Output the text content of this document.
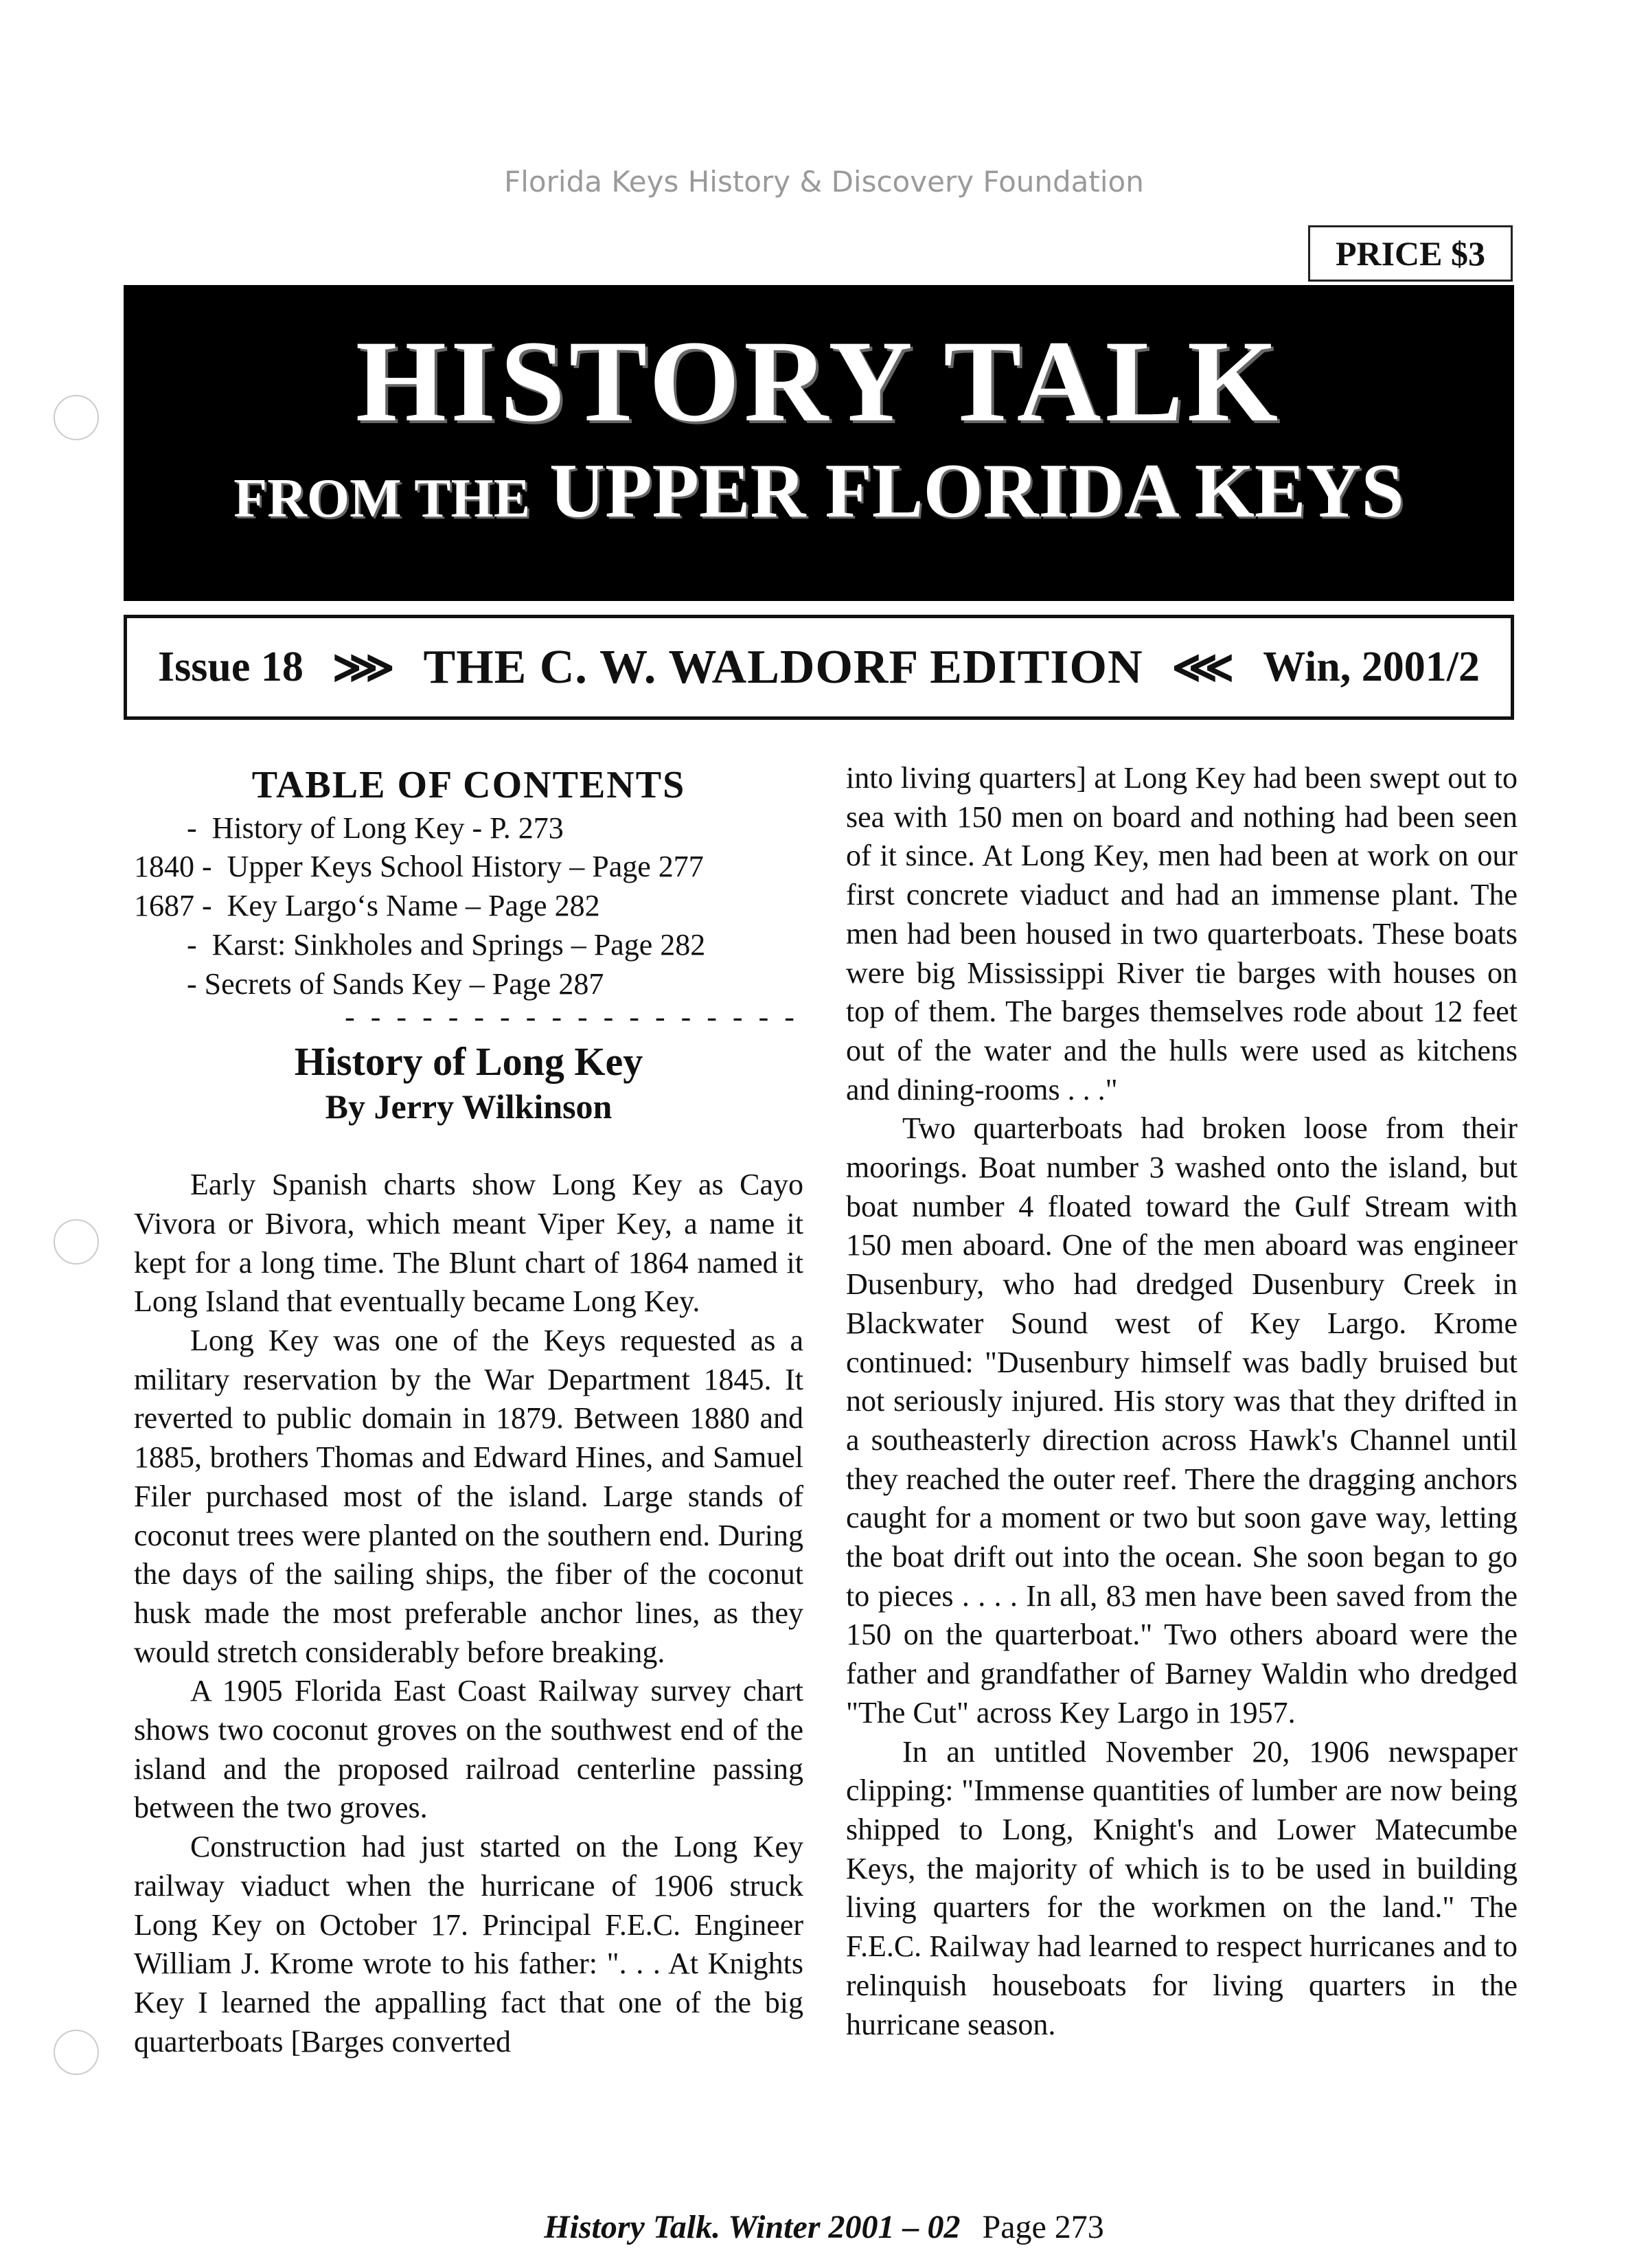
Florida Keys History & Discovery Foundation
PRICE $3
HISTORY TALK
FROM THE UPPER FLORIDA KEYS
Issue 18 ⋙ THE C. W. WALDORF EDITION ⋘ Win, 2001/2
TABLE OF CONTENTS
-  History of Long Key - P. 273
1840 -  Upper Keys School History – Page 277
1687 -  Key Largo‘s Name – Page 282
-  Karst: Sinkholes and Springs – Page 282
- Secrets of Sands Key – Page 287
- - - - - - - - - - - - - - - - - -
History of Long Key
By Jerry Wilkinson

Early Spanish charts show Long Key as Cayo Vivora or Bivora, which meant Viper Key, a name it kept for a long time. The Blunt chart of 1864 named it Long Island that eventually became Long Key.

Long Key was one of the Keys requested as a military reservation by the War Department 1845. It reverted to public domain in 1879. Between 1880 and 1885, brothers Thomas and Edward Hines, and Samuel Filer purchased most of the island. Large stands of coconut trees were planted on the southern end. During the days of the sailing ships, the fiber of the coconut husk made the most preferable anchor lines, as they would stretch considerably before breaking.

A 1905 Florida East Coast Railway survey chart shows two coconut groves on the southwest end of the island and the proposed railroad centerline passing between the two groves.

Construction had just started on the Long Key railway viaduct when the hurricane of 1906 struck Long Key on October 17. Principal F.E.C. Engineer William J. Krome wrote to his father: ". . . At Knights Key I learned the appalling fact that one of the big quarterboats [Barges converted

into living quarters] at Long Key had been swept out to sea with 150 men on board and nothing had been seen of it since. At Long Key, men had been at work on our first concrete viaduct and had an immense plant. The men had been housed in two quarterboats. These boats were big Mississippi River tie barges with houses on top of them. The barges themselves rode about 12 feet out of the water and the hulls were used as kitchens and dining-rooms . . ."

Two quarterboats had broken loose from their moorings. Boat number 3 washed onto the island, but boat number 4 floated toward the Gulf Stream with 150 men aboard. One of the men aboard was engineer Dusenbury, who had dredged Dusenbury Creek in Blackwater Sound west of Key Largo. Krome continued: "Dusenbury himself was badly bruised but not seriously injured. His story was that they drifted in a southeasterly direction across Hawk's Channel until they reached the outer reef. There the dragging anchors caught for a moment or two but soon gave way, letting the boat drift out into the ocean. She soon began to go to pieces . . . . In all, 83 men have been saved from the 150 on the quarterboat." Two others aboard were the father and grandfather of Barney Waldin who dredged "The Cut" across Key Largo in 1957.

In an untitled November 20, 1906 newspaper clipping: "Immense quantities of lumber are now being shipped to Long, Knight's and Lower Matecumbe Keys, the majority of which is to be used in building living quarters for the workmen on the land." The F.E.C. Railway had learned to respect hurricanes and to relinquish houseboats for living quarters in the hurricane season.

History Talk. Winter 2001 – 02 Page 273
